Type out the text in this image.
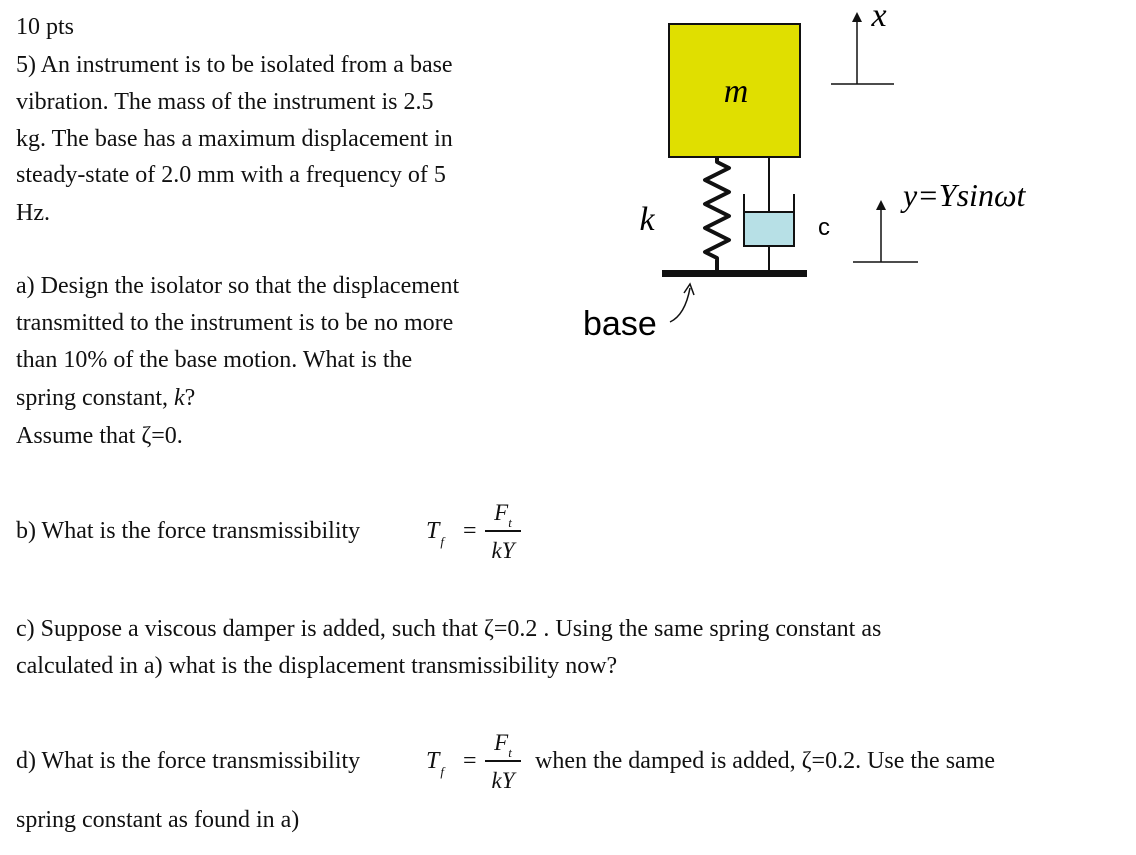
10 pts
5) An instrument is to be isolated from a base
vibration. The mass of the instrument is 2.5
kg. The base has a maximum displacement in
steady-state of 2.0 mm with a frequency of 5
Hz.
a) Design the isolator so that the displacement
transmitted to the instrument is to be no more
than 10% of the base motion. What is the
spring constant, k?
Assume that ζ=0.
b) What is the force transmissibility	$T_f$ =
$F_t$
kY
c) Suppose a viscous damper is added, such that ζ=0.2 . Using the same spring constant as
calculated in a) what is the displacement transmissibility now?
d) What is the force transmissibility	$T_f$ =
$F_t$
kY
when the damped is added, ζ=0.2. Use the same
spring constant as found in a)
m
k	c
base
x
y=Ysinωt
